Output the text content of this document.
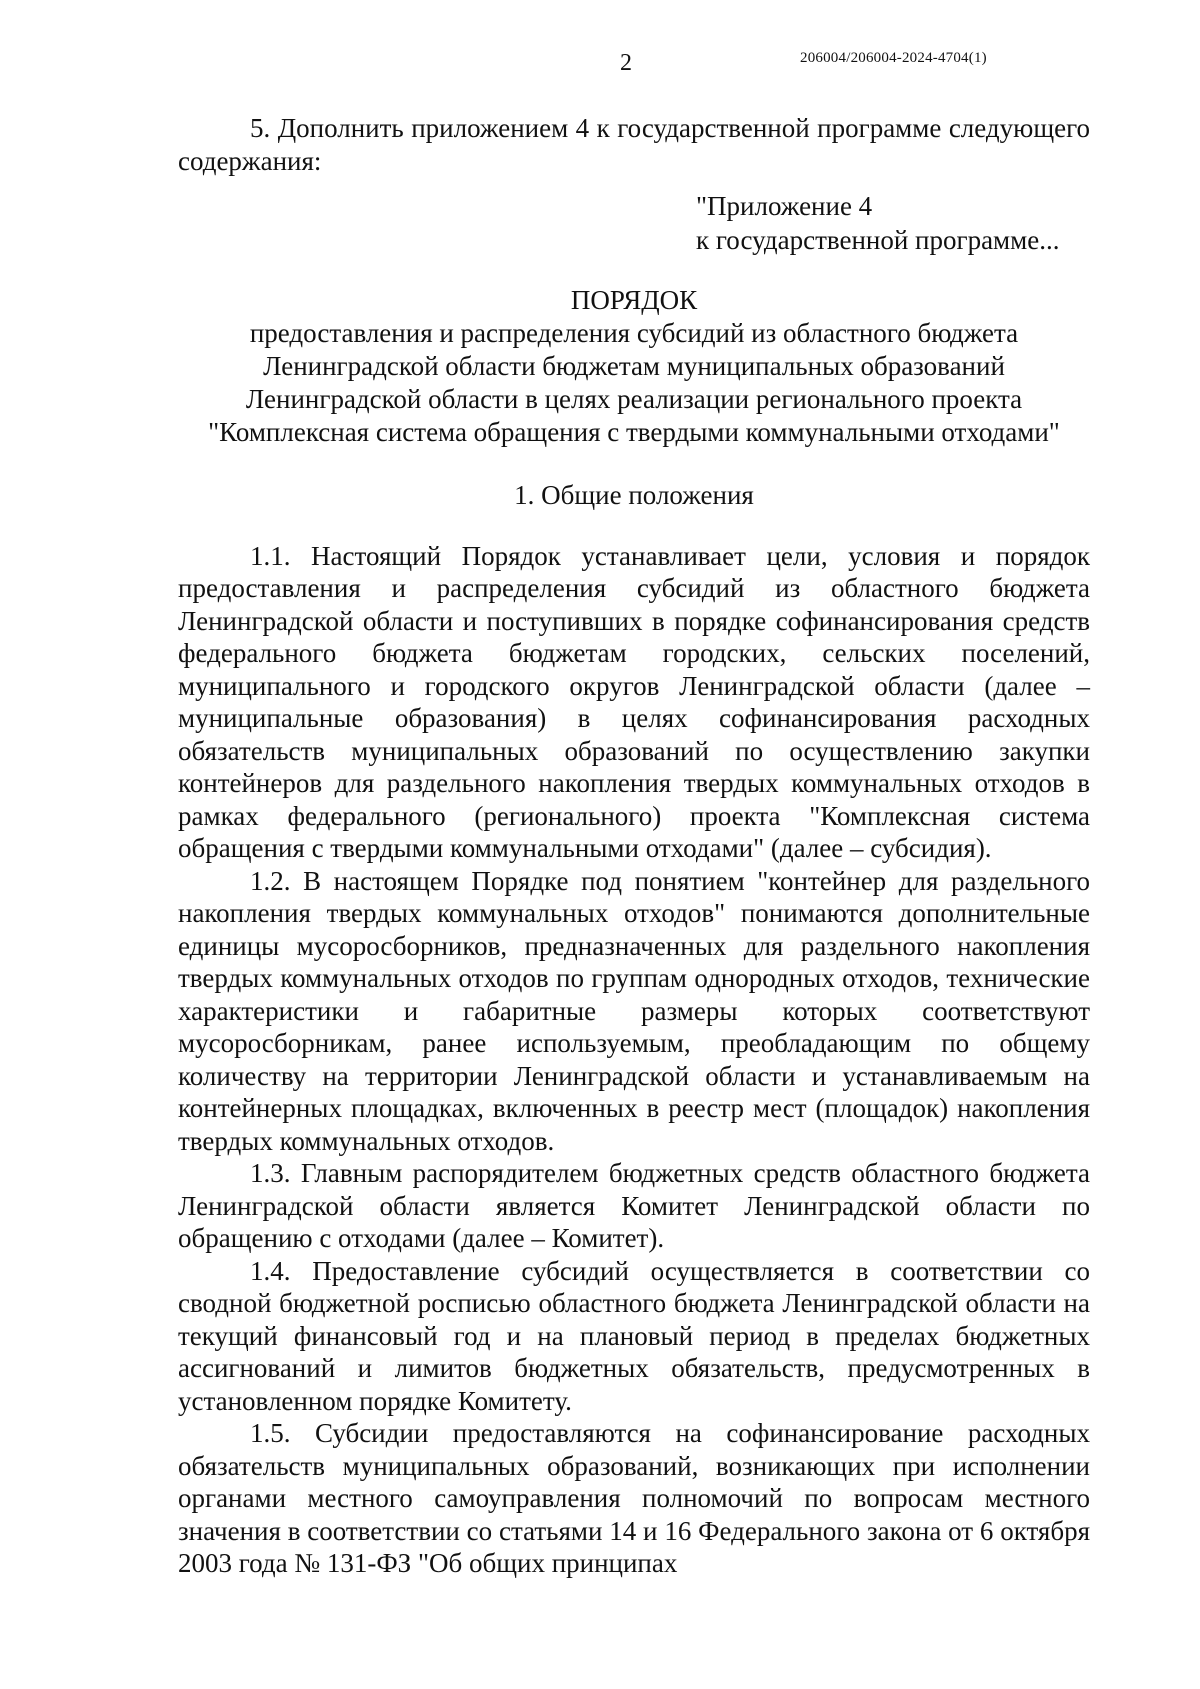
2	206004/206004-2024-4704(1)

5. Дополнить приложением 4 к государственной программе следующего содержания:

"Приложение 4
к государственной программе...
ПОРЯДОК
предоставления и распределения субсидий из областного бюджета
Ленинградской области бюджетам муниципальных образований
Ленинградской области в целях реализации регионального проекта
"Комплексная система обращения с твердыми коммунальными отходами"
1. Общие положения

1.1. Настоящий Порядок устанавливает цели, условия и порядок предоставления и распределения субсидий из областного бюджета Ленинградской области и поступивших в порядке софинансирования средств федерального бюджета бюджетам городских, сельских поселений, муниципального и городского округов Ленинградской области (далее – муниципальные образования) в целях софинансирования расходных обязательств муниципальных образований по осуществлению закупки контейнеров для раздельного накопления твердых коммунальных отходов в рамках федерального (регионального) проекта "Комплексная система обращения с твердыми коммунальными отходами" (далее – субсидия).

1.2. В настоящем Порядке под понятием "контейнер для раздельного накопления твердых коммунальных отходов" понимаются дополнительные единицы мусоросборников, предназначенных для раздельного накопления твердых коммунальных отходов по группам однородных отходов, технические характеристики и габаритные размеры которых соответствуют мусоросборникам, ранее используемым, преобладающим по общему количеству на территории Ленинградской области и устанавливаемым на контейнерных площадках, включенных в реестр мест (площадок) накопления твердых коммунальных отходов.

1.3. Главным распорядителем бюджетных средств областного бюджета Ленинградской области является Комитет Ленинградской области по обращению с отходами (далее – Комитет).

1.4. Предоставление субсидий осуществляется в соответствии со сводной бюджетной росписью областного бюджета Ленинградской области на текущий финансовый год и на плановый период в пределах бюджетных ассигнований и лимитов бюджетных обязательств, предусмотренных в установленном порядке Комитету.

1.5. Субсидии предоставляются на софинансирование расходных обязательств муниципальных образований, возникающих при исполнении органами местного самоуправления полномочий по вопросам местного значения в соответствии со статьями 14 и 16 Федерального закона от 6 октября 2003 года № 131-ФЗ "Об общих принципах
